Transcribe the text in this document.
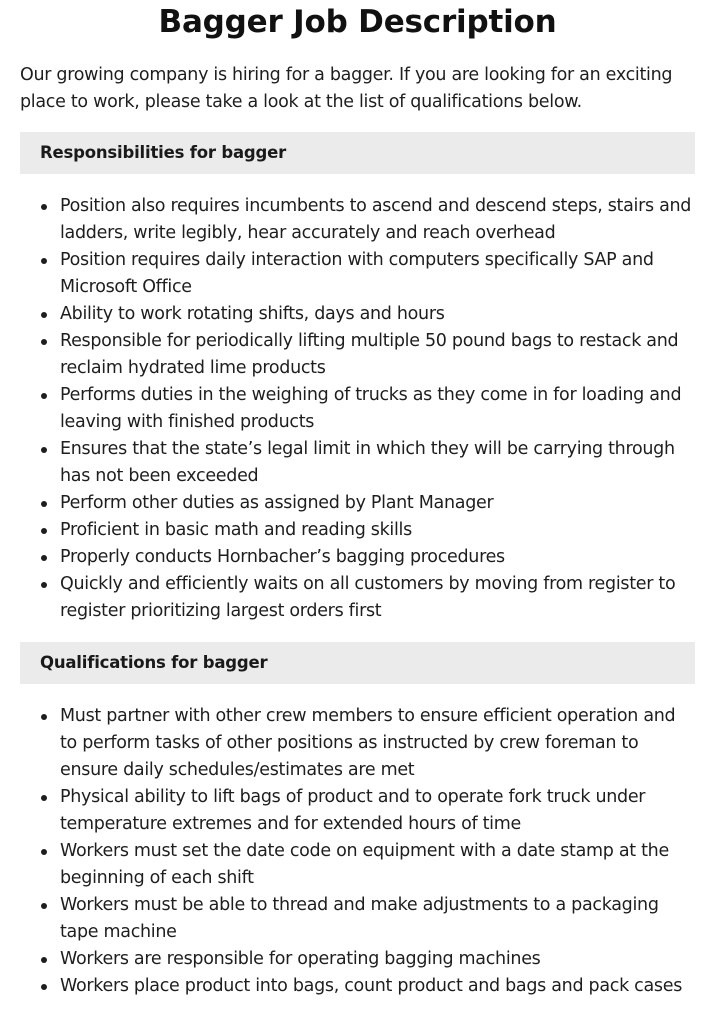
Bagger Job Description

Our growing company is hiring for a bagger. If you are looking for an exciting place to work, please take a look at the list of qualifications below.

Responsibilities for bagger
Position also requires incumbents to ascend and descend steps, stairs and ladders, write legibly, hear accurately and reach overhead
Position requires daily interaction with computers specifically SAP and Microsoft Office
Ability to work rotating shifts, days and hours
Responsible for periodically lifting multiple 50 pound bags to restack and reclaim hydrated lime products
Performs duties in the weighing of trucks as they come in for loading and leaving with finished products
Ensures that the state’s legal limit in which they will be carrying through has not been exceeded
Perform other duties as assigned by Plant Manager
Proficient in basic math and reading skills
Properly conducts Hornbacher’s bagging procedures
Quickly and efficiently waits on all customers by moving from register to register prioritizing largest orders first
Qualifications for bagger
Must partner with other crew members to ensure efficient operation and to perform tasks of other positions as instructed by crew foreman to ensure daily schedules/estimates are met
Physical ability to lift bags of product and to operate fork truck under temperature extremes and for extended hours of time
Workers must set the date code on equipment with a date stamp at the beginning of each shift
Workers must be able to thread and make adjustments to a packaging tape machine
Workers are responsible for operating bagging machines
Workers place product into bags, count product and bags and pack cases
